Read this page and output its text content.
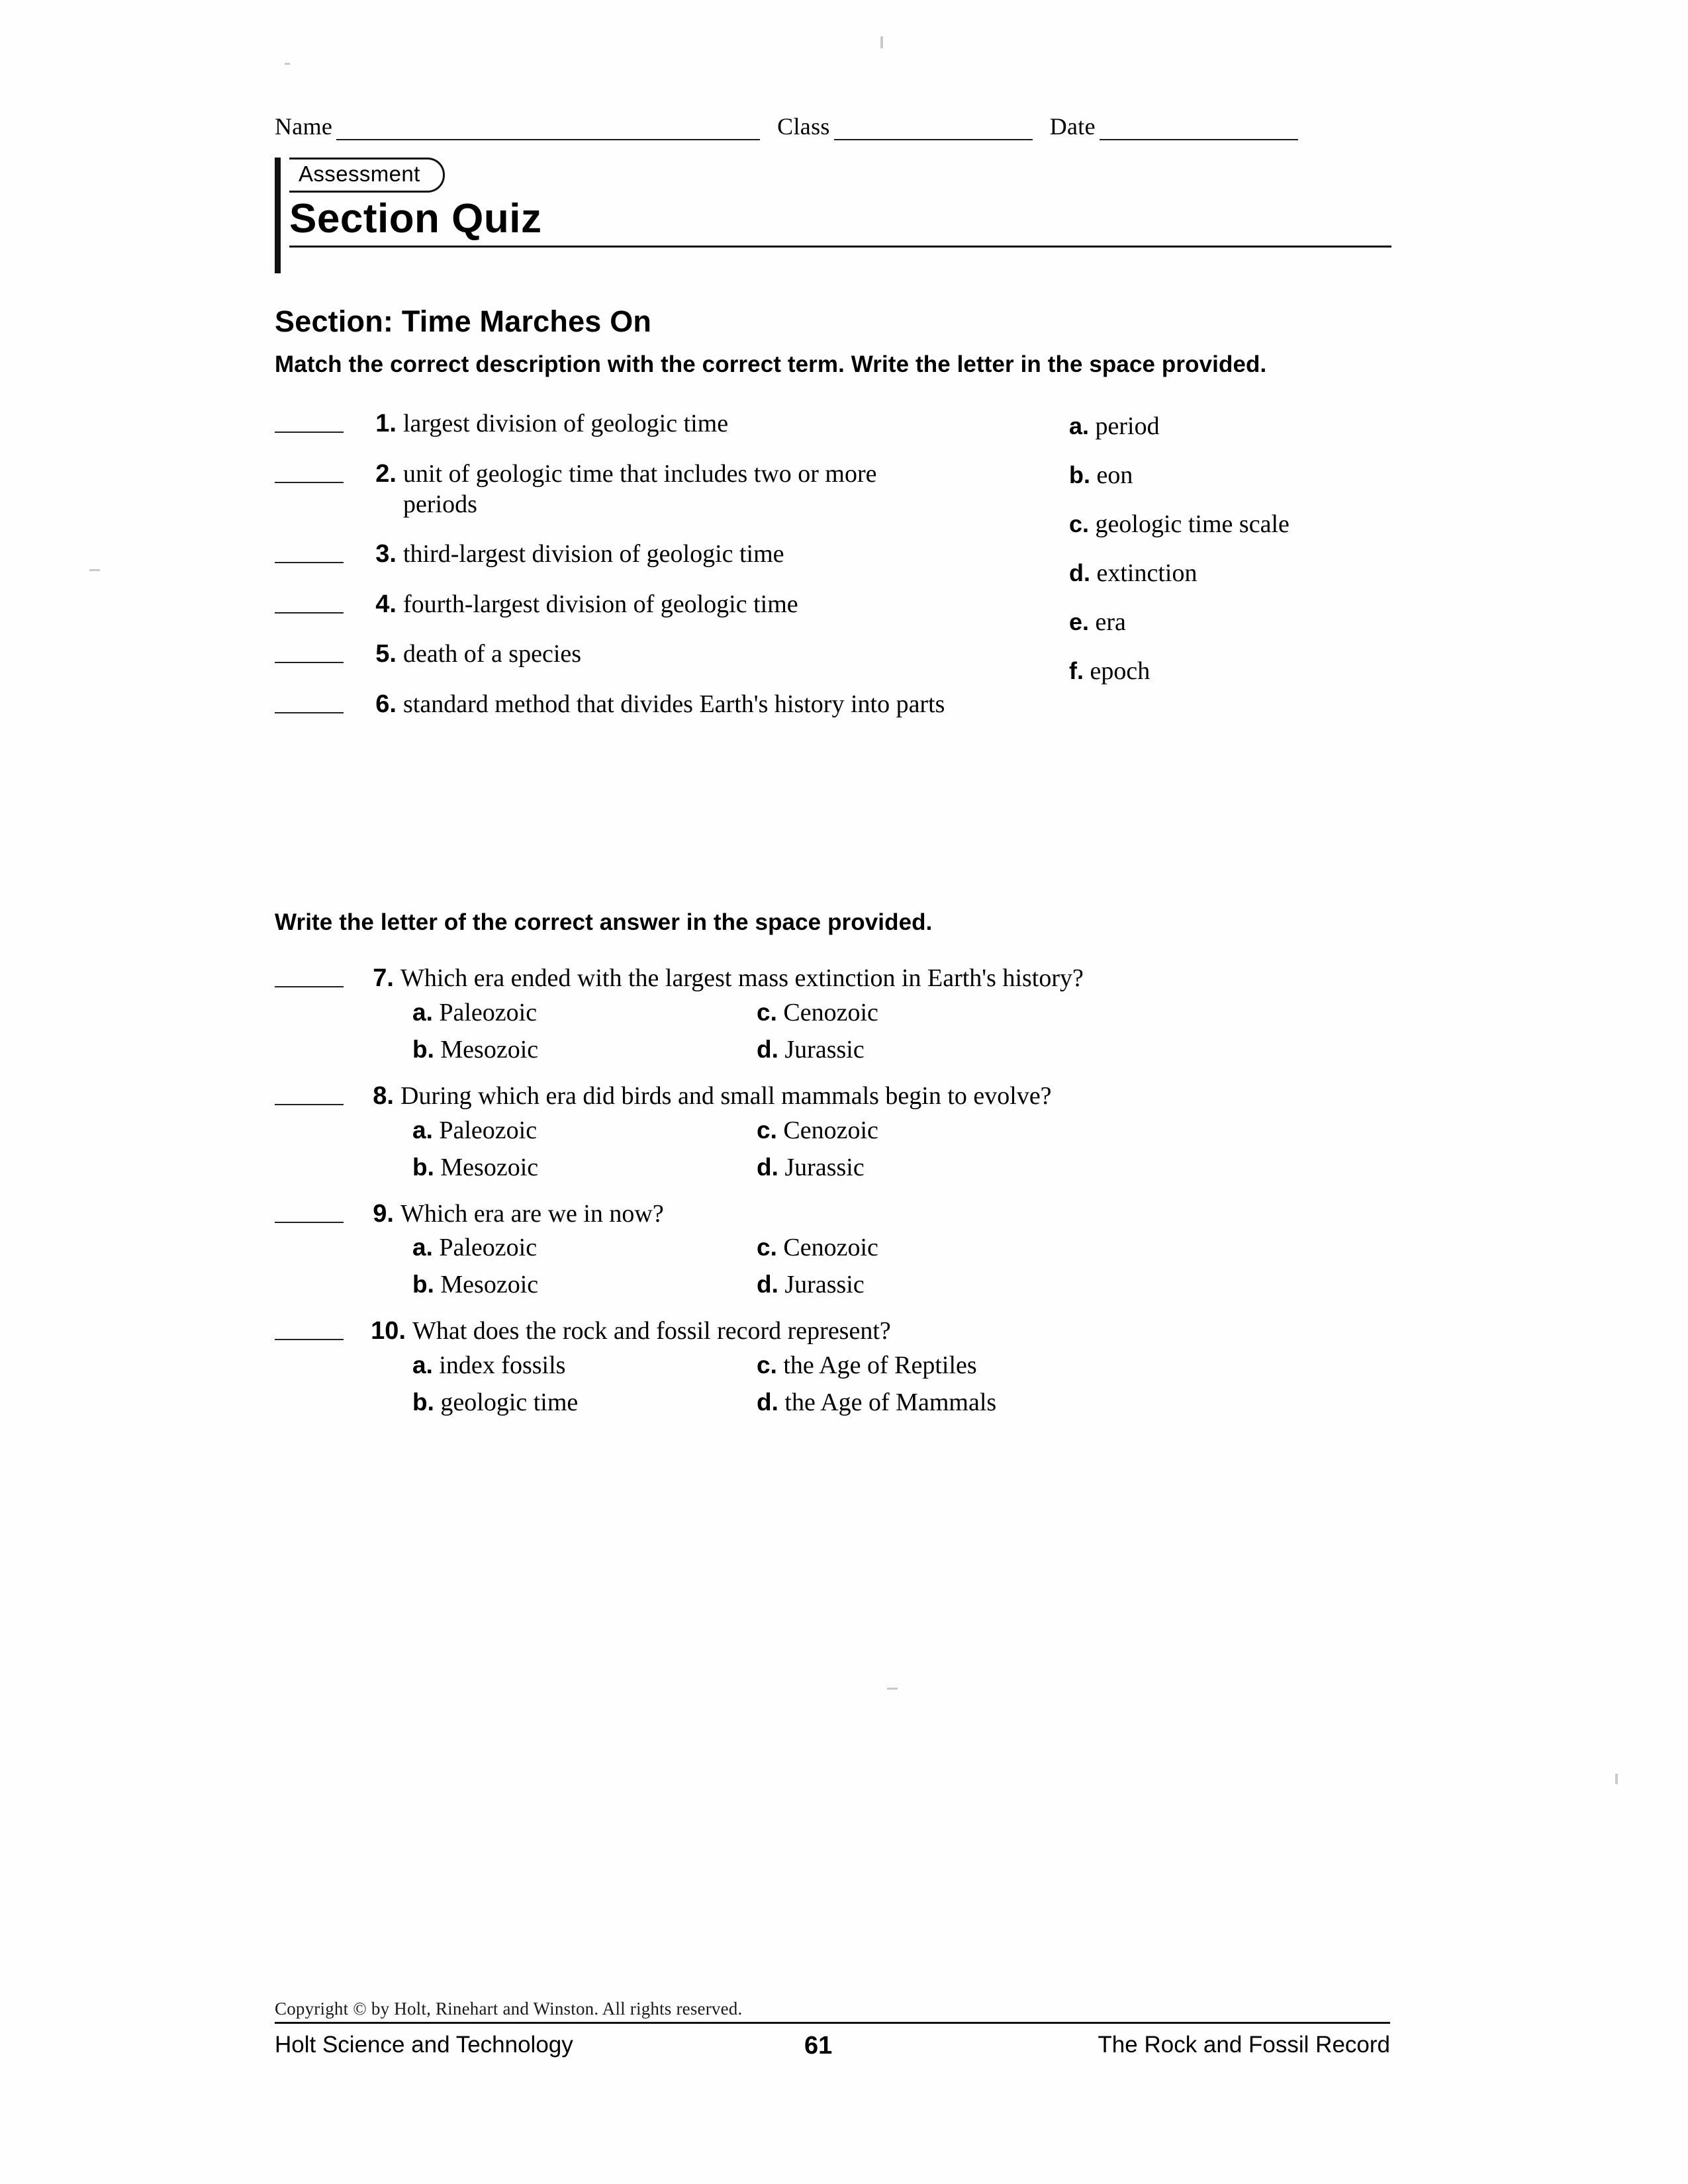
Name	Class	Date
Assessment
Section Quiz
Section: Time Marches On
Match the correct description with the correct term. Write the letter in the space provided.
1. largest division of geologic time
2. unit of geologic time that includes two or more periods
3. third-largest division of geologic time
4. fourth-largest division of geologic time
5. death of a species
6. standard method that divides Earth's history into parts
a. period
b. eon
c. geologic time scale
d. extinction
e. era
f. epoch
Write the letter of the correct answer in the space provided.
7. Which era ended with the largest mass extinction in Earth's history?
a. Paleozoic
b. Mesozoic
c. Cenozoic
d. Jurassic
8. During which era did birds and small mammals begin to evolve?
a. Paleozoic
b. Mesozoic
c. Cenozoic
d. Jurassic
9. Which era are we in now?
a. Paleozoic
b. Mesozoic
c. Cenozoic
d. Jurassic
10. What does the rock and fossil record represent?
a. index fossils
b. geologic time
c. the Age of Reptiles
d. the Age of Mammals
Copyright © by Holt, Rinehart and Winston. All rights reserved.
Holt Science and Technology	61	The Rock and Fossil Record
